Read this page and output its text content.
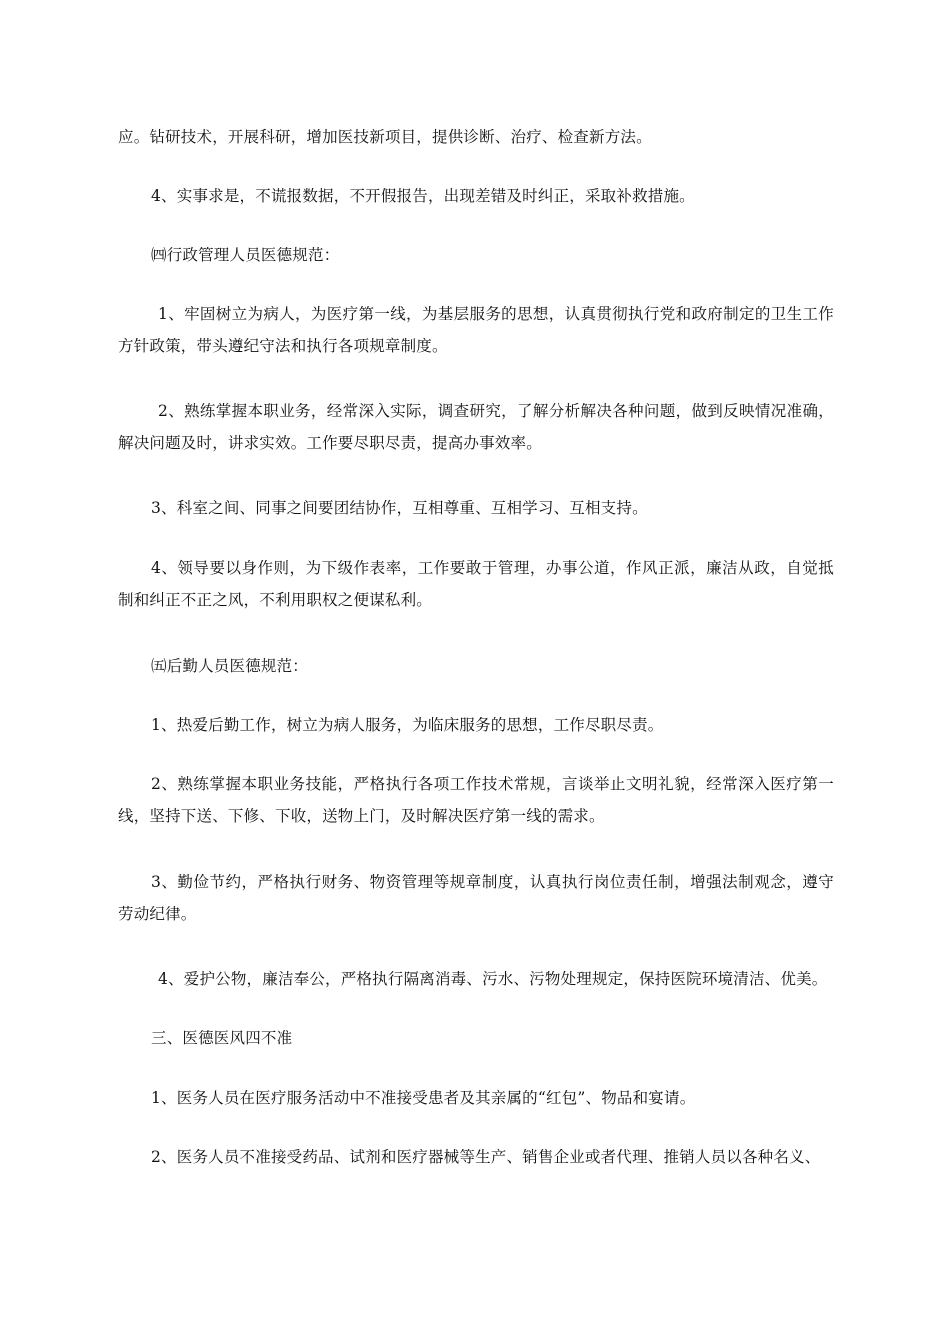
应。钻研技术，开展科研，增加医技新项目，提供诊断、治疗、检查新方法。
4、实事求是，不谎报数据，不开假报告，出现差错及时纠正，采取补救措施。
㈣行政管理人员医德规范：
1、牢固树立为病人，为医疗第一线，为基层服务的思想，认真贯彻执行党和政府制定的卫生工作方针政策，带头遵纪守法和执行各项规章制度。
2、熟练掌握本职业务，经常深入实际，调查研究，了解分析解决各种问题，做到反映情况准确，解决问题及时，讲求实效。工作要尽职尽责，提高办事效率。
3、科室之间、同事之间要团结协作，互相尊重、互相学习、互相支持。
4、领导要以身作则，为下级作表率，工作要敢于管理，办事公道，作风正派，廉洁从政，自觉抵制和纠正不正之风，不利用职权之便谋私利。
㈤后勤人员医德规范：
1、热爱后勤工作，树立为病人服务，为临床服务的思想，工作尽职尽责。
2、熟练掌握本职业务技能，严格执行各项工作技术常规，言谈举止文明礼貌，经常深入医疗第一线，坚持下送、下修、下收，送物上门，及时解决医疗第一线的需求。
3、勤俭节约，严格执行财务、物资管理等规章制度，认真执行岗位责任制，增强法制观念，遵守劳动纪律。
4、爱护公物，廉洁奉公，严格执行隔离消毒、污水、污物处理规定，保持医院环境清洁、优美。
三、医德医风四不准
1、医务人员在医疗服务活动中不准接受患者及其亲属的“红包”、物品和宴请。
2、医务人员不准接受药品、试剂和医疗器械等生产、销售企业或者代理、推销人员以各种名义、
